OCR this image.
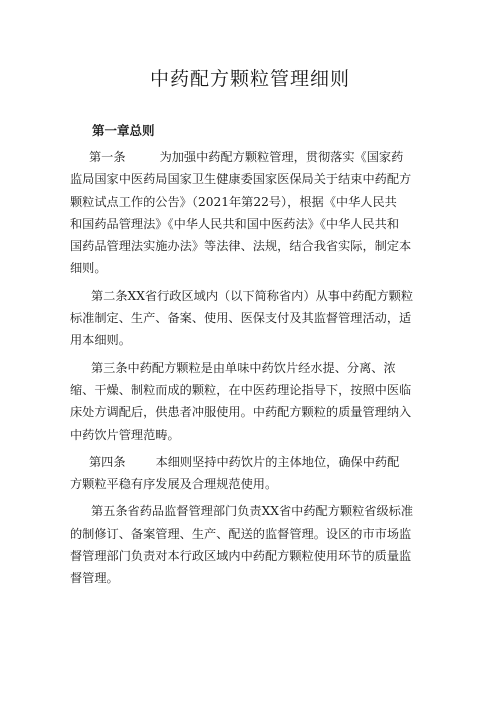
中药配方颗粒管理细则
第一章总则
第一条	为加强中药配方颗粒管理，贯彻落实《国家药
监局国家中医药局国家卫生健康委国家医保局关于结束中药配方
颗粒试点工作的公告》（2021年第22号），根据《中华人民共
和国药品管理法》《中华人民共和国中医药法》《中华人民共和
国药品管理法实施办法》等法律、法规，结合我省实际，制定本
细则。
第二条XX省行政区域内（以下简称省内）从事中药配方颗粒
标准制定、生产、备案、使用、医保支付及其监督管理活动，适
用本细则。
第三条中药配方颗粒是由单味中药饮片经水提、分离、浓
缩、干燥、制粒而成的颗粒，在中医药理论指导下，按照中医临
床处方调配后，供患者冲服使用。中药配方颗粒的质量管理纳入
中药饮片管理范畴。
第四条 本细则坚持中药饮片的主体地位，确保中药配
方颗粒平稳有序发展及合理规范使用。
第五条省药品监督管理部门负责XX省中药配方颗粒省级标准
的制修订、备案管理、生产、配送的监督管理。设区的市市场监
督管理部门负责对本行政区域内中药配方颗粒使用环节的质量监
督管理。
